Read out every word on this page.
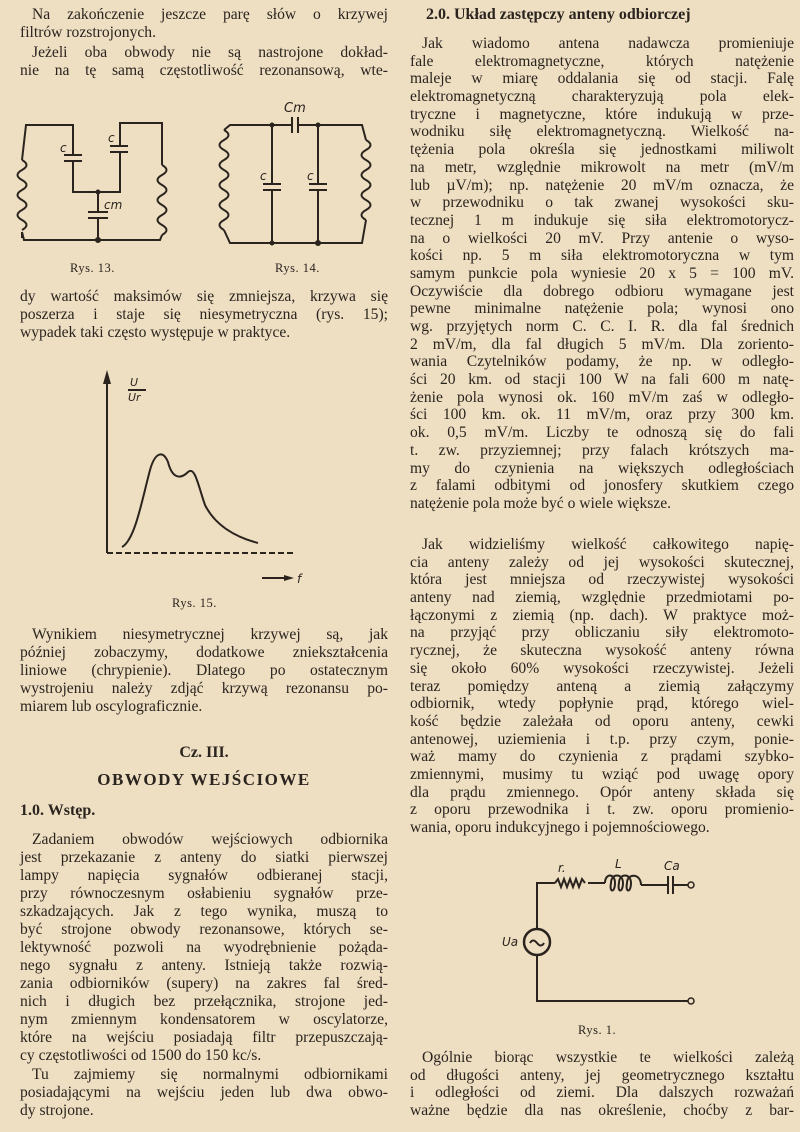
Na zakończenie jeszcze parę słów o krzywej
filtrów rozstrojonych.
Jeżeli oba obwody nie są nastrojone dokład-
nie na tę samą częstotliwość rezonansową, wte-
c
c
cm
Cm
c	c
f
U
Ur
r.	L	Ca
Ua
Rys. 13.	Rys. 14.
dy wartość maksimów się zmniejsza, krzywa się
poszerza i staje się niesymetryczna (rys. 15);
wypadek taki często występuje w praktyce.
Rys. 15.
Wynikiem niesymetrycznej krzywej są, jak
później zobaczymy, dodatkowe zniekształcenia
liniowe (chrypienie). Dlatego po ostatecznym
wystrojeniu należy zdjąć krzywą rezonansu po-
miarem lub oscylograficznie.
Cz. III.
OBWODY WEJŚCIOWE
1.0. Wstęp.
Zadaniem obwodów wejściowych odbiornika
jest przekazanie z anteny do siatki pierwszej
lampy napięcia sygnałów odbieranej stacji,
przy równoczesnym osłabieniu sygnałów prze-
szkadzających. Jak z tego wynika, muszą to
być strojone obwody rezonansowe, których se-
lektywność pozwoli na wyodrębnienie pożąda-
nego sygnału z anteny. Istnieją także rozwią-
zania odbiorników (supery) na zakres fal śred-
nich i długich bez przełącznika, strojone jed-
nym zmiennym kondensatorem w oscylatorze,
które na wejściu posiadają filtr przepuszczają-
cy częstotliwości od 1500 do 150 kc/s.
Tu zajmiemy się normalnymi odbiornikami
posiadającymi na wejściu jeden lub dwa obwo-
dy strojone.
2.0. Układ zastępczy anteny odbiorczej
Jak wiadomo antena nadawcza promieniuje
fale elektromagnetyczne, których natężenie
maleje w miarę oddalania się od stacji. Falę
elektromagnetyczną charakteryzują pola elek-
tryczne i magnetyczne, które indukują w prze-
wodniku siłę elektromagnetyczną. Wielkość na-
tężenia pola określa się jednostkami miliwolt
na metr, względnie mikrowolt na metr (mV/m
lub µV/m); np. natężenie 20 mV/m oznacza, że
w przewodniku o tak zwanej wysokości sku-
tecznej 1 m indukuje się siła elektromotorycz-
na o wielkości 20 mV. Przy antenie o wyso-
kości np. 5 m siła elektromotoryczna w tym
samym punkcie pola wyniesie 20 x 5 = 100 mV.
Oczywiście dla dobrego odbioru wymagane jest
pewne minimalne natężenie pola; wynosi ono
wg. przyjętych norm C. C. I. R. dla fal średnich
2 mV/m, dla fal długich 5 mV/m. Dla zoriento-
wania Czytelników podamy, że np. w odległo-
ści 20 km. od stacji 100 W na fali 600 m natę-
żenie pola wynosi ok. 160 mV/m zaś w odległo-
ści 100 km. ok. 11 mV/m, oraz przy 300 km.
ok. 0,5 mV/m. Liczby te odnoszą się do fali
t. zw. przyziemnej; przy falach krótszych ma-
my do czynienia na większych odległościach
z falami odbitymi od jonosfery skutkiem czego
natężenie pola może być o wiele większe.
Jak widzieliśmy wielkość całkowitego napię-
cia anteny zależy od jej wysokości skutecznej,
która jest mniejsza od rzeczywistej wysokości
anteny nad ziemią, względnie przedmiotami po-
łączonymi z ziemią (np. dach). W praktyce moż-
na przyjąć przy obliczaniu siły elektromoto-
rycznej, że skuteczna wysokość anteny równa
się około 60% wysokości rzeczywistej. Jeżeli
teraz pomiędzy anteną a ziemią załączymy
odbiornik, wtedy popłynie prąd, którego wiel-
kość będzie zależała od oporu anteny, cewki
antenowej, uziemienia i t.p. przy czym, ponie-
waż mamy do czynienia z prądami szybko-
zmiennymi, musimy tu wziąć pod uwagę opory
dla prądu zmiennego. Opór anteny składa się
z oporu przewodnika i t. zw. oporu promienio-
wania, oporu indukcyjnego i pojemnościowego.
Rys. 1.
Ogólnie biorąc wszystkie te wielkości zależą
od długości anteny, jej geometrycznego kształtu
i odległości od ziemi. Dla dalszych rozważań
ważne będzie dla nas określenie, choćby z bar-
